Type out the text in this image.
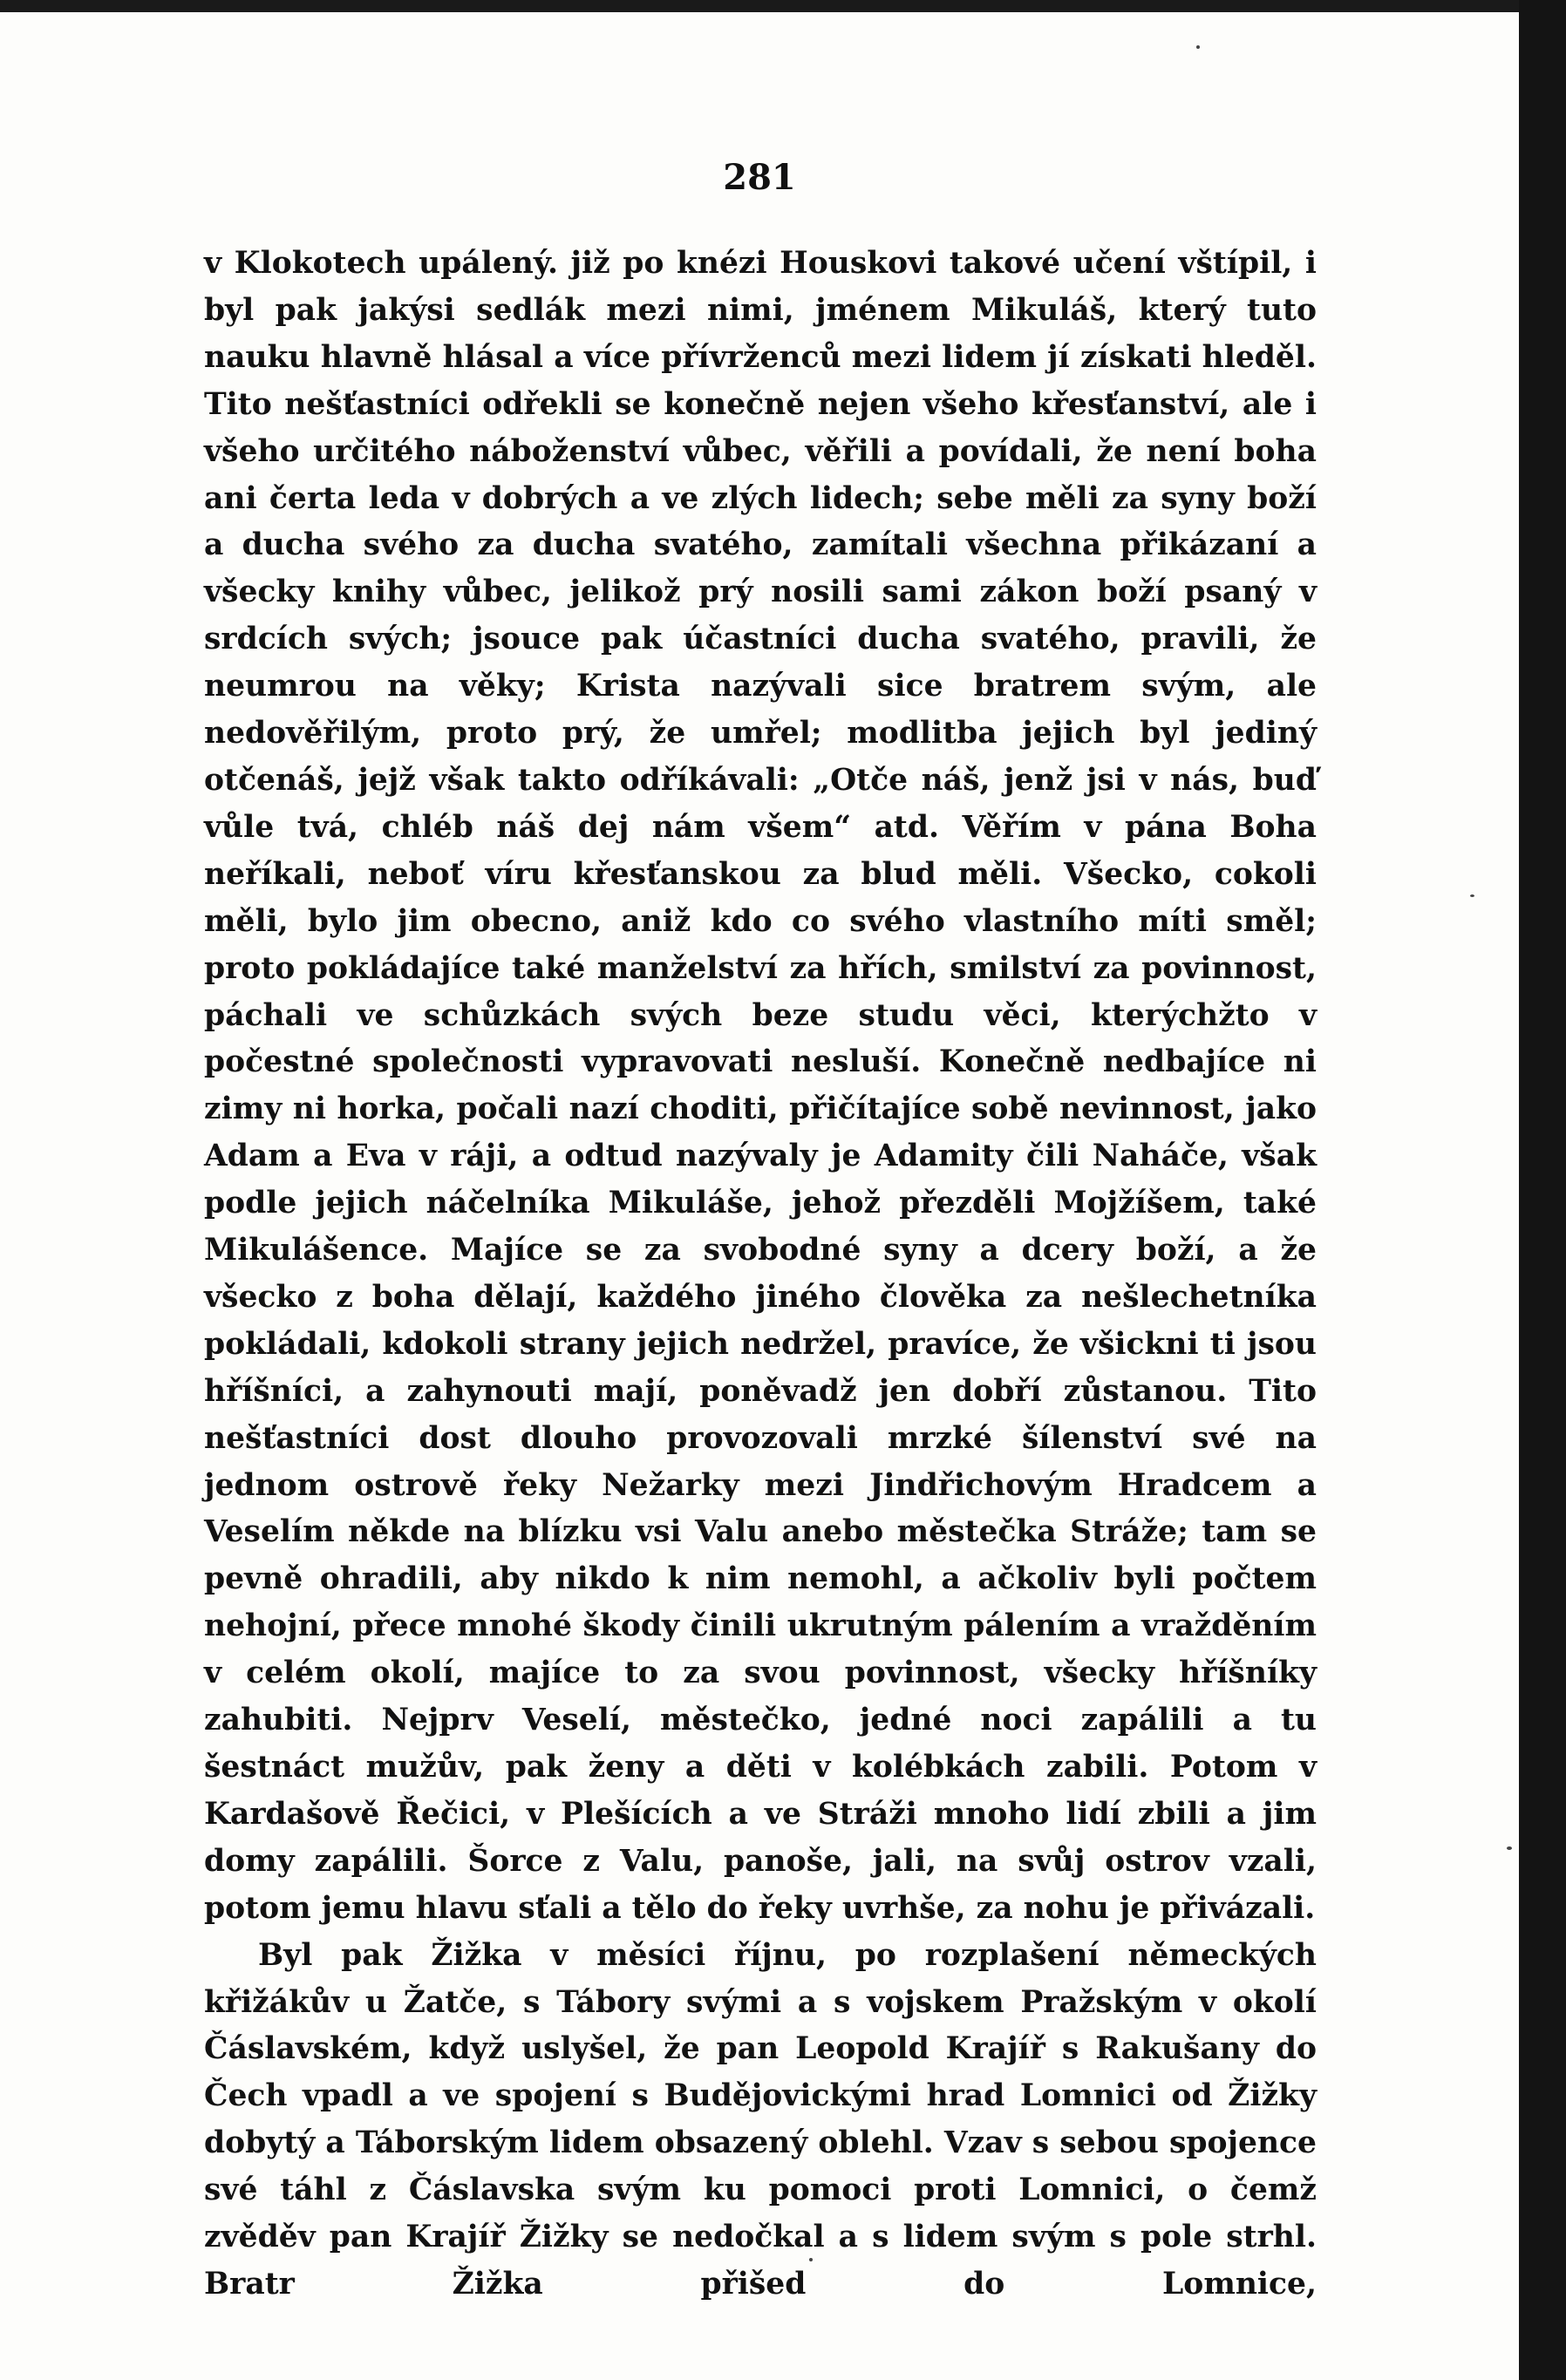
281

v Klokotech upálený. již po knézi Houskovi takové učení vštípil, i byl pak jakýsi sedlák mezi nimi, jménem Mikuláš, který tuto nauku hlavně hlásal a více přívrženců mezi lidem jí získati hleděl. Tito nešťastníci odřekli se konečně nejen všeho křesťanství, ale i všeho určitého náboženství vůbec, věřili a povídali, že není boha ani čerta leda v dobrých a ve zlých lidech; sebe měli za syny boží a ducha svého za ducha svatého, zamítali všechna přikázaní a všecky knihy vůbec, jelikož prý nosili sami zákon boží psaný v srdcích svých; jsouce pak účastníci ducha svatého, pravili, že neumrou na věky; Krista nazývali sice bratrem svým, ale nedověřilým, proto prý, že umřel; modlitba jejich byl jediný otčenáš, jejž však takto odříkávali: „Otče náš, jenž jsi v nás, buď vůle tvá, chléb náš dej nám všem“ atd. Věřím v pána Boha neříkali, neboť víru křesťanskou za blud měli. Všecko, cokoli měli, bylo jim obecno, aniž kdo co svého vlastního míti směl; proto pokládajíce také manželství za hřích, smilství za povinnost, páchali ve schůzkách svých beze studu věci, kterýchžto v počestné společnosti vypravovati nesluší. Konečně nedbajíce ni zimy ni horka, počali nazí choditi, přičítajíce sobě nevinnost, jako Adam a Eva v ráji, a odtud nazývaly je Adamity čili Naháče, však podle jejich náčelníka Mikuláše, jehož přezděli Mojžíšem, také Mikulášence. Majíce se za svobodné syny a dcery boží, a že všecko z boha dělají, každého jiného člověka za nešlechetníka pokládali, kdokoli strany jejich nedržel, pravíce, že všickni ti jsou hříšníci, a zahynouti mají, poněvadž jen dobří zůstanou. Tito nešťastníci dost dlouho provozovali mrzké šílenství své na jednom ostrově řeky Nežarky mezi Jindřichovým Hradcem a Veselím někde na blízku vsi Valu anebo městečka Stráže; tam se pevně ohradili, aby nikdo k nim nemohl, a ačkoliv byli počtem nehojní, přece mnohé škody činili ukrutným pálením a vražděním v celém okolí, majíce to za svou povinnost, všecky hříšníky zahubiti. Nejprv Veselí, městečko, jedné noci zapálili a tu šestnáct mužův, pak ženy a děti v kolébkách zabili. Potom v Kardašově Řečici, v Plešících a ve Stráži mnoho lidí zbili a jim domy zapálili. Šorce z Valu, panoše, jali, na svůj ostrov vzali, potom jemu hlavu sťali a tělo do řeky uvrhše, za nohu je přivázali.

Byl pak Žižka v měsíci říjnu, po rozplašení německých křižákův u Žatče, s Tábory svými a s vojskem Pražským v okolí Čáslavském, když uslyšel, že pan Leopold Krajíř s Rakušany do Čech vpadl a ve spojení s Budějovickými hrad Lomnici od Žižky dobytý a Táborským lidem obsazený oblehl. Vzav s sebou spojence své táhl z Čáslavska svým ku pomoci proti Lomnici, o čemž zvěděv pan Krajíř Žižky se nedočkal a s lidem svým s pole strhl. Bratr Žižka přišed do Lomnice,
